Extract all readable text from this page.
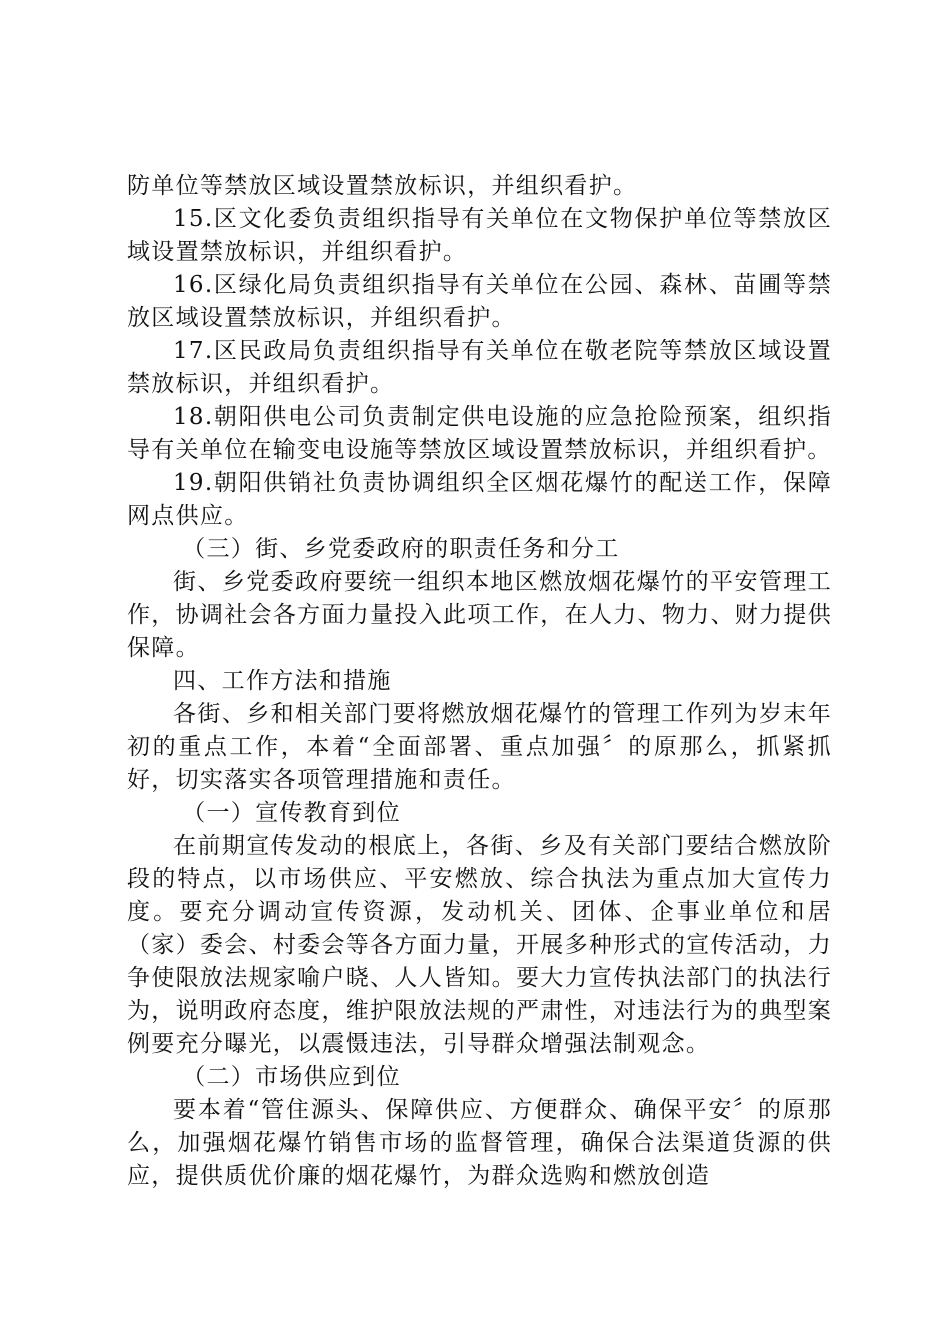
防单位等禁放区域设置禁放标识，并组织看护。

15.区文化委负责组织指导有关单位在文物保护单位等禁放区域设置禁放标识，并组织看护。

16.区绿化局负责组织指导有关单位在公园、森林、苗圃等禁放区域设置禁放标识，并组织看护。

17.区民政局负责组织指导有关单位在敬老院等禁放区域设置禁放标识，并组织看护。

18.朝阳供电公司负责制定供电设施的应急抢险预案，组织指导有关单位在输变电设施等禁放区域设置禁放标识，并组织看护。

19.朝阳供销社负责协调组织全区烟花爆竹的配送工作，保障网点供应。

（三）街、乡党委政府的职责任务和分工

街、乡党委政府要统一组织本地区燃放烟花爆竹的平安管理工作，协调社会各方面力量投入此项工作，在人力、物力、财力提供保障。

四、工作方法和措施

各街、乡和相关部门要将燃放烟花爆竹的管理工作列为岁末年初的重点工作，本着“全面部署、重点加强〞的原那么，抓紧抓好，切实落实各项管理措施和责任。

（一）宣传教育到位

在前期宣传发动的根底上，各街、乡及有关部门要结合燃放阶段的特点，以市场供应、平安燃放、综合执法为重点加大宣传力度。要充分调动宣传资源，发动机关、团体、企事业单位和居（家）委会、村委会等各方面力量，开展多种形式的宣传活动，力争使限放法规家喻户晓、人人皆知。要大力宣传执法部门的执法行为，说明政府态度，维护限放法规的严肃性，对违法行为的典型案例要充分曝光，以震慑违法，引导群众增强法制观念。

（二）市场供应到位

要本着“管住源头、保障供应、方便群众、确保平安〞的原那么，加强烟花爆竹销售市场的监督管理，确保合法渠道货源的供应，提供质优价廉的烟花爆竹，为群众选购和燃放创造
